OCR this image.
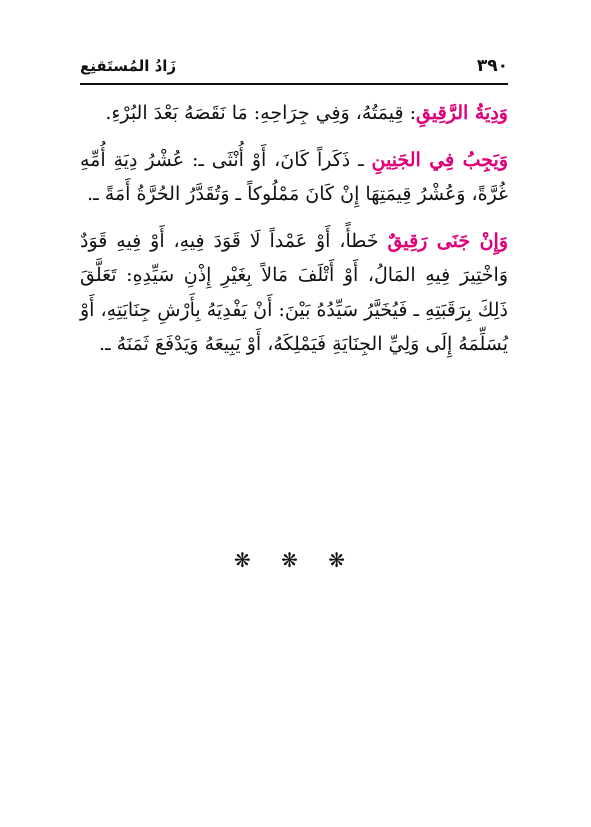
٣٩٠
زَادُ المُستَقنِع

وَدِيَةُ الرَّقِيقِ: قِيمَتُهُ، وَفِي جِرَاحِهِ: مَا نَقَصَهُ بَعْدَ البُرْءِ.

وَيَجِبُ فِي الجَنِينِ ـ ذَكَراً كَانَ، أَوْ أُنْثَى ـ: عُشْرُ دِيَةِ أُمِّهِ غُرَّةً، وَعُشْرُ قِيمَتِهَا إِنْ كَانَ مَمْلُوكاً ـ وَتُقَدَّرُ الحُرَّةُ أَمَةً ـ.

وَإِنْ جَنَى رَقِيقٌ خَطأً، أَوْ عَمْداً لَا قَوَدَ فِيهِ، أَوْ فِيهِ قَوَدٌ وَاخْتِيرَ فِيهِ المَالُ، أَوْ أَتْلَفَ مَالاً بِغَيْرِ إِذْنِ سَيِّدِهِ: تَعَلَّقَ ذَلِكَ بِرَقَبَتِهِ ـ فَيُخَيَّرُ سَيِّدُهُ بَيْنَ: أَنْ يَفْدِيَهُ بِأَرْشِ جِنَايَتِهِ، أَوْ يُسَلِّمَهُ إِلَى وَلِيِّ الجِنَايَةِ فَيَمْلِكَهُ، أَوْ يَبِيعَهُ وَيَدْفَعَ ثَمَنَهُ ـ.

❋ ❋ ❋
